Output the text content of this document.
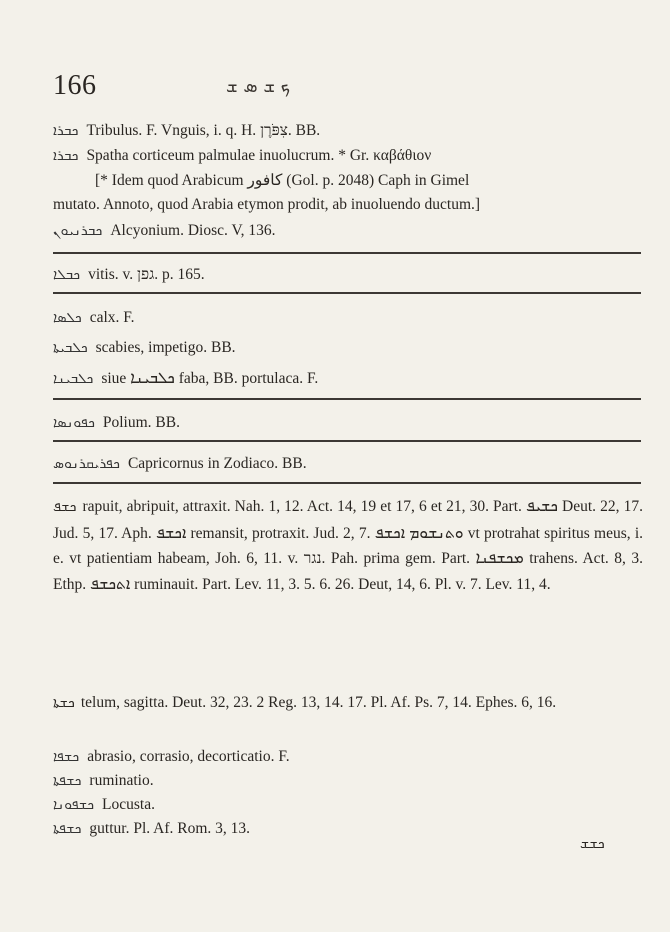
166	ܟ ܫ ܣ ܫ
ܟܒܪܐ Tribulus. F. Vnguis, i. q. H. צִפֹּרֶן. BB.
ܟܒܪܐ Spatha corticeum palmulae inuolucrum. * Gr. καβάθιον
[* Idem quod Arabicum كافور (Gol. p. 2048) Caph in Gimel
mutato. Annoto, quod Arabia etymon prodit, ab inuoluendo ductum.]
ܟܒܪܢܝܘܢ Alcyonium. Diosc. V, 136.
ܟܒܠܐ vitis. v. גפן. p. 165.
ܟܠܣܐ calx. F.
ܟܠܒܝܬܐ scabies, impetigo. BB.
ܟܠܒܝܢܐ siue ܟܠܒܝܢܐ faba, BB. portulaca. F.
ܟܦܘܢܣܐ Polium. BB.
ܟܦܪܝܩܪܢܘܣ Capricornus in Zodiaco. BB.
ܟܫܦ rapuit, abripuit, attraxit. Nah. 1, 12. Act. 14, 19 et 17, 6 et 21, 30. Part. ܟܫܝܦ Deut. 22, 17. Jud. 5, 17. Aph. ܐܟܫܦ remansit, protraxit. Jud. 2, 7. ܘܬܢܫܘܡ ܐܟܫܦ vt protrahat spiritus meus, i. e. vt patientiam habeam, Joh. 6, 11. v. נגר. Pah. prima gem. Part. ܡܟܫܦܢܐ trahens. Act. 8, 3. Ethp. ܐܬܟܫܦ ruminauit. Part. Lev. 11, 3. 5. 6. 26. Deut, 14, 6. Pl. v. 7. Lev. 11, 4.
ܟܫܬܐ telum, sagitta. Deut. 32, 23. 2 Reg. 13, 14. 17. Pl. Af. Ps. 7, 14. Ephes. 6, 16.
ܟܫܦܐ abrasio, corrasio, decorticatio. F.
ܟܫܦܬܐ ruminatio.
ܟܫܦܘܢܐ Locusta.
ܟܫܦܬܐ guttur. Pl. Af. Rom. 3, 13.
ܟܫܫ
